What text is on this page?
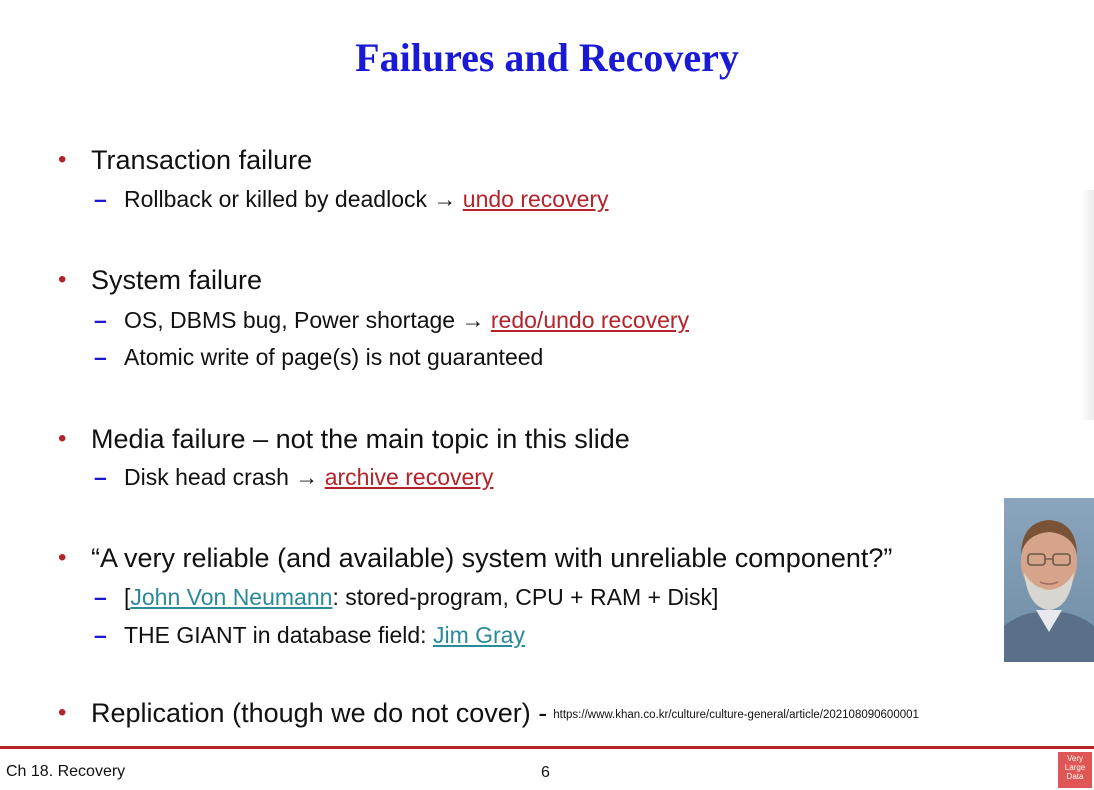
Failures and Recovery
• Transaction failure
– Rollback or killed by deadlock → undo recovery
• System failure
– OS, DBMS bug, Power shortage → redo/undo recovery
– Atomic write of page(s) is not guaranteed
• Media failure – not the main topic in this slide
– Disk head crash → archive recovery
• “A very reliable (and available) system with unreliable component?”
– [John Von Neumann: stored-program, CPU + RAM + Disk]
– THE GIANT in database field: Jim Gray
• Replication (though we do not cover) - https://www.khan.co.kr/culture/culture-general/article/202108090600001
Ch 18. Recovery	6
Very
Large
Data
